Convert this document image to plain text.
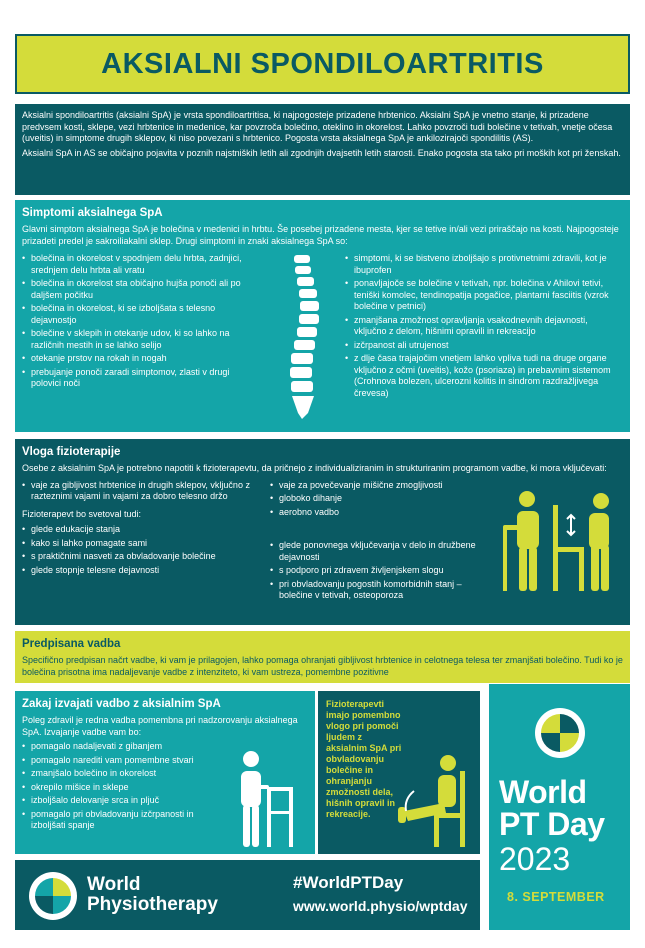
AKSIALNI SPONDILOARTRITIS

Aksialni spondiloartritis (aksialni SpA) je vrsta spondiloartritisa, ki najpogosteje prizadene hrbtenico. Aksialni SpA je vnetno stanje, ki prizadene predvsem kosti, sklepe, vezi hrbtenice in medenice, kar povzroča bolečino, oteklino in okorelost. Lahko povzroči tudi bolečine v tetivah, vnetje očesa (uveitis) in simptome drugih sklepov, ki niso povezani s hrbtenico. Pogosta vrsta aksialnega SpA je ankilozirajoči spondilitis (AS).

Aksialni SpA in AS se običajno pojavita v poznih najstniških letih ali zgodnjih dvajsetih letih starosti. Enako pogosta sta tako pri moških kot pri ženskah.

Simptomi aksialnega SpA

Glavni simptom aksialnega SpA je bolečina v medenici in hrbtu. Še posebej prizadene mesta, kjer se tetive in/ali vezi priraščajo na kosti. Najpogosteje prizadeti predel je sakroiliakalni sklep. Drugi simptomi in znaki aksialnega SpA so:

• bolečina in okorelost v spodnjem delu hrbta, zadnjici, srednjem delu hrbta ali vratu
• bolečina in okorelost sta običajno hujša ponoči ali po daljšem počitku
• bolečina in okorelost, ki se izboljšata s telesno dejavnostjo
• bolečine v sklepih in otekanje udov, ki so lahko na različnih mestih in se lahko selijo
• otekanje prstov na rokah in nogah
• prebujanje ponoči zaradi simptomov, zlasti v drugi polovici noči
• simptomi, ki se bistveno izboljšajo s protivnetnimi zdravili, kot je ibuprofen
• ponavljajoče se bolečine v tetivah, npr. bolečina v Ahilovi tetivi, teniški komolec, tendinopatija pogačice, plantarni fasciitis (vzrok bolečine v petnici)
• zmanjšana zmožnost opravljanja vsakodnevnih dejavnosti, vključno z delom, hišnimi opravili in rekreacijo
• izčrpanost ali utrujenost
• z dlje časa trajajočim vnetjem lahko vpliva tudi na druge organe vključno z očmi (uveitis), kožo (psoriaza) in prebavnim sistemom (Crohnova bolezen, ulcerozni kolitis in sindrom razdražljivega črevesa)
Vloga fizioterapije

Osebe z aksialnim SpA je potrebno napotiti k fizioterapevtu, da pričnejo z individualiziranim in strukturiranim programom vadbe, ki mora vključevati:

• vaje za gibljivost hrbtenice in drugih sklepov, vključno z razteznimi vajami in vajami za dobro telesno držo

Fizioterapevt bo svetoval tudi:

• glede edukacije stanja
• kako si lahko pomagate sami
• s praktičnimi nasveti za obvladovanje bolečine
• glede stopnje telesne dejavnosti
• vaje za povečevanje mišične zmogljivosti
• globoko dihanje
• aerobno vadbo
• glede ponovnega vključevanja v delo in družbene dejavnosti
• s podporo pri zdravem življenjskem slogu
• pri obvladovanju pogostih komorbidnih stanj – bolečine v tetivah, osteoporoza
Predpisana vadba

Specifično predpisan načrt vadbe, ki vam je prilagojen, lahko pomaga ohranjati gibljivost hrbtenice in celotnega telesa ter zmanjšati bolečino. Tudi ko je bolečina prisotna ima nadaljevanje vadbe z intenziteto, ki vam ustreza, pomembne pozitivne

Zakaj izvajati vadbo z aksialnim SpA

Poleg zdravil je redna vadba pomembna pri nadzorovanju aksialnega SpA. Izvajanje vadbe vam bo:

• pomagalo nadaljevati z gibanjem
• pomagalo narediti vam pomembne stvari
• zmanjšalo bolečino in okorelost
• okrepilo mišice in sklepe
• izboljšalo delovanje srca in pljuč
• pomagalo pri obvladovanju izčrpanosti in izboljšati spanje

Fizioterapevti imajo pomembno vlogo pri pomoči ljudem z aksialnim SpA pri obvladovanju bolečine in ohranjanju zmožnosti dela, hišnih opravil in rekreacije.

World
Physiotherapy
#WorldPTDay
www.world.physio/wptday
World
PT Day
2023
8. SEPTEMBER
